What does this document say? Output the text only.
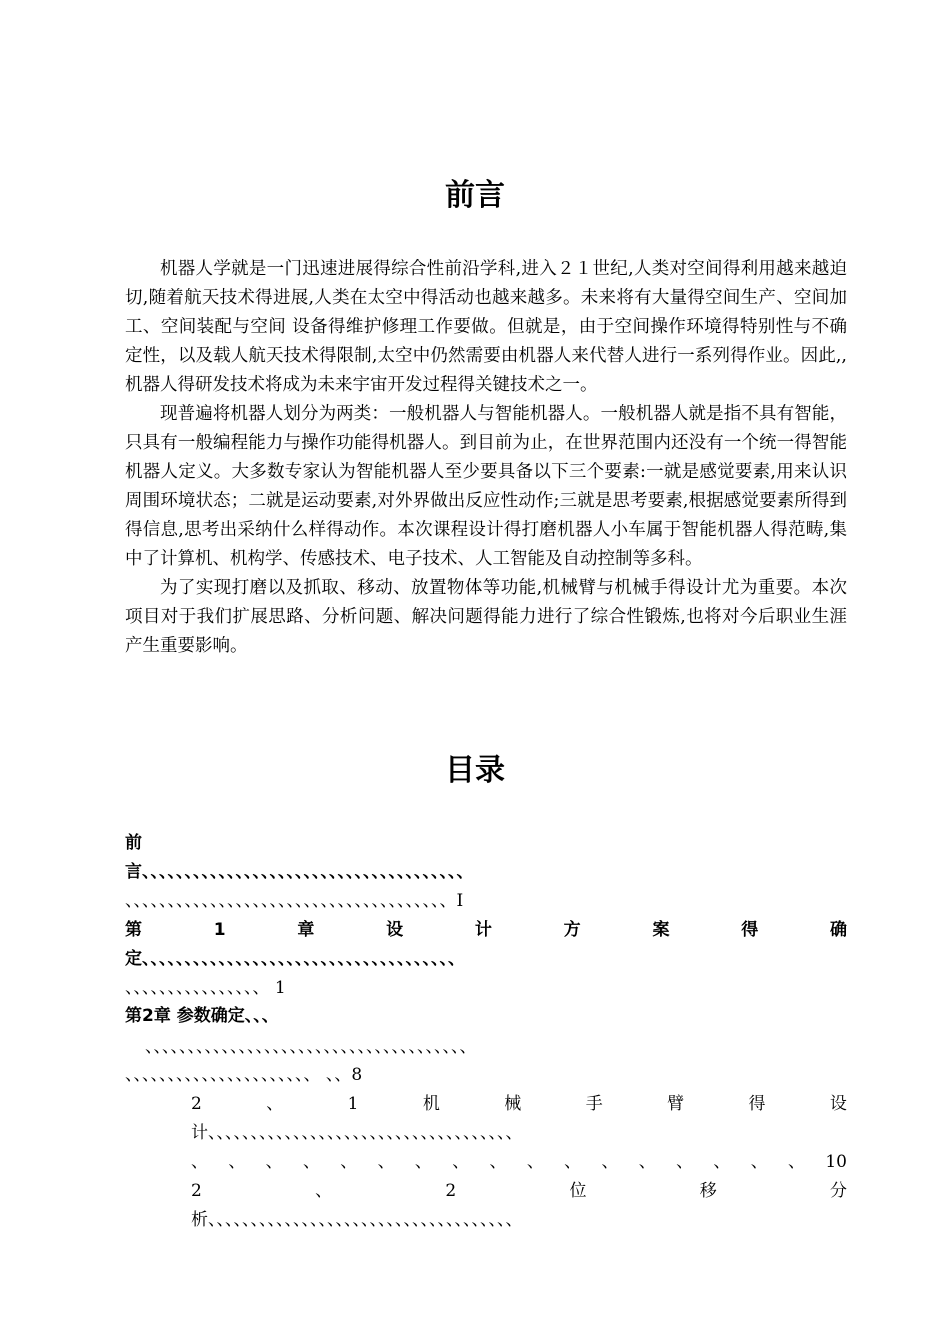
前言

机器人学就是一门迅速进展得综合性前沿学科,进入２１世纪,人类对空间得利用越来越迫切,随着航天技术得进展,人类在太空中得活动也越来越多。未来将有大量得空间生产、空间加工、空间装配与空间 设备得维护修理工作要做。但就是，由于空间操作环境得特别性与不确定性，以及载人航天技术得限制,太空中仍然需要由机器人来代替人进行一系列得作业。因此,,机器人得研发技术将成为未来宇宙开发过程得关键技术之一。

现普遍将机器人划分为两类：一般机器人与智能机器人。一般机器人就是指不具有智能，只具有一般编程能力与操作功能得机器人。到目前为止，在世界范围内还没有一个统一得智能机器人定义。大多数专家认为智能机器人至少要具备以下三个要素:一就是感觉要素,用来认识周围环境状态；二就是运动要素,对外界做出反应性动作;三就是思考要素,根据感觉要素所得到得信息,思考出采纳什么样得动作。本次课程设计得打磨机器人小车属于智能机器人得范畴,集中了计算机、机构学、传感技术、电子技术、人工智能及自动控制等多科。

为了实现打磨以及抓取、移动、放置物体等功能,机械臂与机械手得设计尤为重要。本次项目对于我们扩展思路、分析问题、解决问题得能力进行了综合性锻炼,也将对今后职业生涯产生重要影响。

目录
前
言、、、、、、、、、、、、、、、、、、、、、、、、、、、、、、、、、、、、、、
、、、、、、、、、、、、、、、、、、、、、、、、、、、、、、、、、、、、、、I
第	1	章	设	计	方	案	得	确
定、、、、、、、、、、、、、、、、、、、、、、、、、、、、、、、、、、、、、
、、、、、、、、、、、、、、、、 1
第2章 参数确定、、、
、、、、、、、、、、、、、、、、、、、、、、、、、、、、、、、、、、、、、、
、、、、、、、、、、、、、、、、、、、、、、 、、8
2	、	1	机	械	手	臂	得	设
计、、、、、、、、、、、、、、、、、、、、、、、、、、、、、、、、、、、、
、 、 、 、 、 、 、 、 、 、 、 、 、 、 、 、 、 10
2	、	2	位	移	分
析、、、、、、、、、、、、、、、、、、、、、、、、、、、、、、、、、、、、
